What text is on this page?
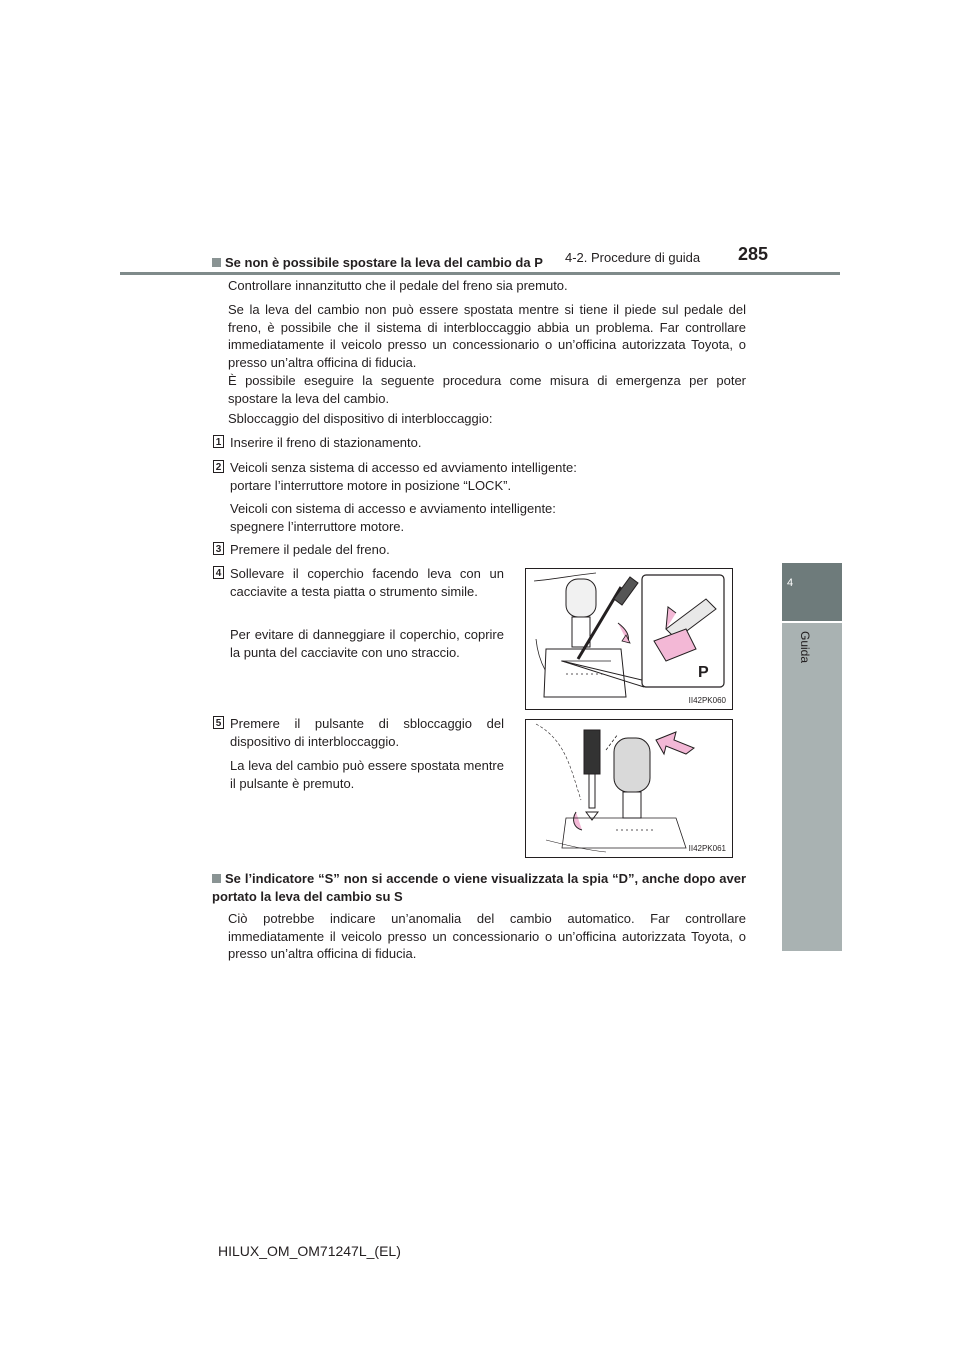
4-2. Procedure di guida 285
4
Guida
Se non è possibile spostare la leva del cambio da P
Controllare innanzitutto che il pedale del freno sia premuto.
Se la leva del cambio non può essere spostata mentre si tiene il piede sul pedale del freno, è possibile che il sistema di interbloccaggio abbia un problema. Far controllare immediatamente il veicolo presso un concessionario o un’officina autorizzata Toyota, o presso un’altra officina di fiducia.
È possibile eseguire la seguente procedura come misura di emergenza per poter spostare la leva del cambio.
Sbloccaggio del dispositivo di interbloccaggio:
1 Inserire il freno di stazionamento.
2 Veicoli senza sistema di accesso ed avviamento intelligente:
portare l’interruttore motore in posizione “LOCK”.
Veicoli con sistema di accesso e avviamento intelligente:
spegnere l’interruttore motore.
3 Premere il pedale del freno.
4 Sollevare il coperchio facendo leva con un cacciavite a testa piatta o strumento simile.
Per evitare di danneggiare il coperchio, coprire la punta del cacciavite con uno straccio.
P
II42PK060
5 Premere il pulsante di sbloccaggio del dispositivo di interbloccaggio.
La leva del cambio può essere spostata mentre il pulsante è premuto.
II42PK061
Se l’indicatore “S” non si accende o viene visualizzata la spia “D”, anche dopo aver portato la leva del cambio su S
Ciò potrebbe indicare un’anomalia del cambio automatico. Far controllare immediatamente il veicolo presso un concessionario o un’officina autorizzata Toyota, o presso un’altra officina di fiducia.
HILUX_OM_OM71247L_(EL)
